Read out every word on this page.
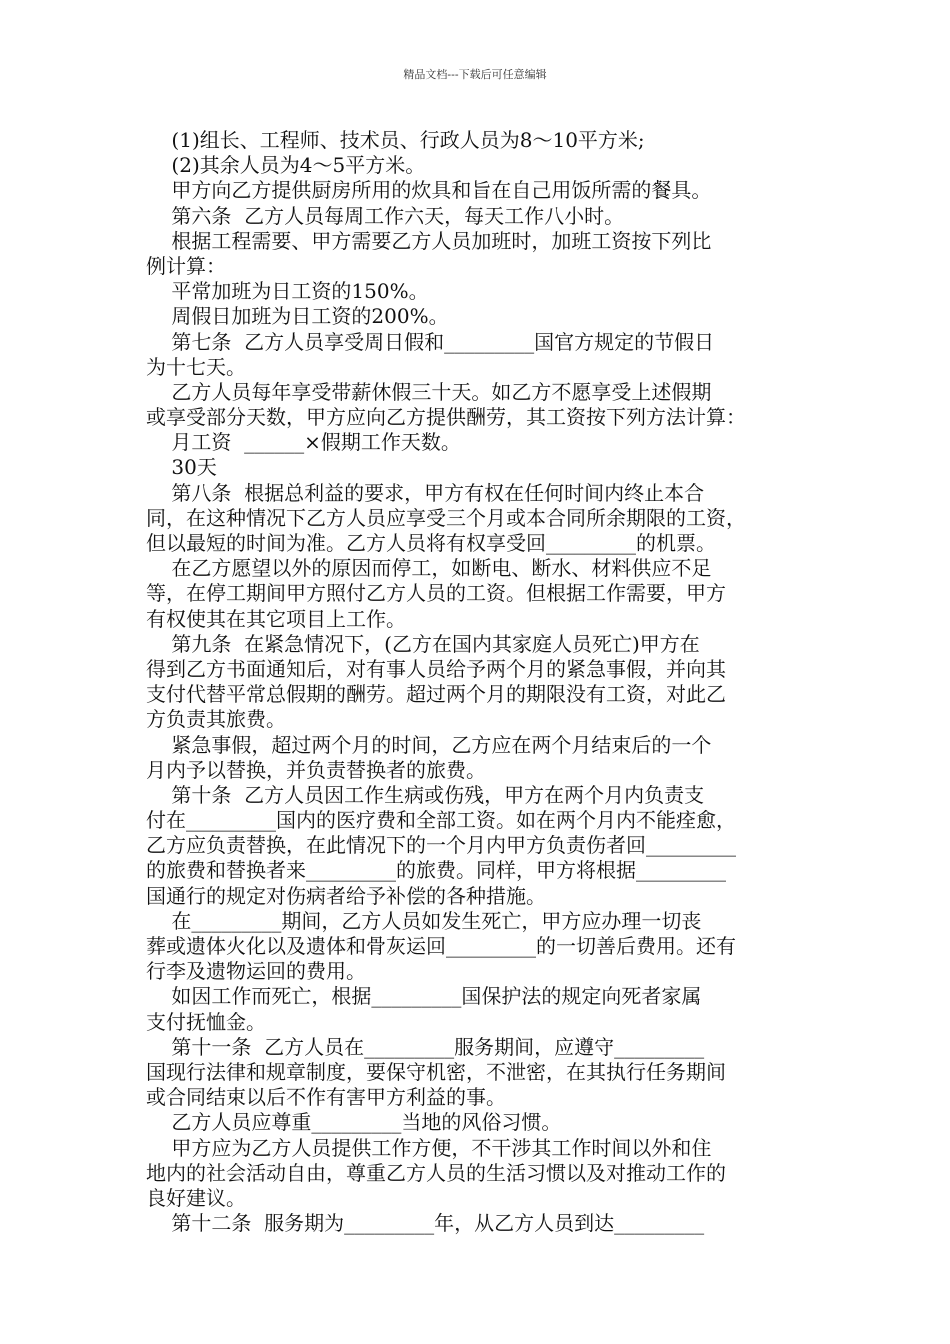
精品文档---下载后可任意编辑
(1)组长、工程师、技术员、行政人员为8～10平方米;
(2)其余人员为4～5平方米。
甲方向乙方提供厨房所用的炊具和旨在自己用饭所需的餐具。
第六条  乙方人员每周工作六天，每天工作八小时。
根据工程需要、甲方需要乙方人员加班时，加班工资按下列比
例计算：
平常加班为日工资的150%。
周假日加班为日工资的200%。
第七条  乙方人员享受周日假和_________国官方规定的节假日
为十七天。
乙方人员每年享受带薪休假三十天。如乙方不愿享受上述假期
或享受部分天数，甲方应向乙方提供酬劳，其工资按下列方法计算：
月工资  ______×假期工作天数。
30天
第八条  根据总利益的要求，甲方有权在任何时间内终止本合
同，在这种情况下乙方人员应享受三个月或本合同所余期限的工资，
但以最短的时间为准。乙方人员将有权享受回_________的机票。
在乙方愿望以外的原因而停工，如断电、断水、材料供应不足
等，在停工期间甲方照付乙方人员的工资。但根据工作需要，甲方
有权使其在其它项目上工作。
第九条  在紧急情况下，(乙方在国内其家庭人员死亡)甲方在
得到乙方书面通知后，对有事人员给予两个月的紧急事假，并向其
支付代替平常总假期的酬劳。超过两个月的期限没有工资，对此乙
方负责其旅费。
紧急事假，超过两个月的时间，乙方应在两个月结束后的一个
月内予以替换，并负责替换者的旅费。
第十条  乙方人员因工作生病或伤残，甲方在两个月内负责支
付在_________国内的医疗费和全部工资。如在两个月内不能痊愈，
乙方应负责替换，在此情况下的一个月内甲方负责伤者回_________
的旅费和替换者来_________的旅费。同样，甲方将根据_________
国通行的规定对伤病者给予补偿的各种措施。
在_________期间，乙方人员如发生死亡，甲方应办理一切丧
葬或遗体火化以及遗体和骨灰运回_________的一切善后费用。还有
行李及遗物运回的费用。
如因工作而死亡，根据_________国保护法的规定向死者家属
支付抚恤金。
第十一条  乙方人员在_________服务期间，应遵守_________
国现行法律和规章制度，要保守机密，不泄密，在其执行任务期间
或合同结束以后不作有害甲方利益的事。
乙方人员应尊重_________当地的风俗习惯。
甲方应为乙方人员提供工作方便，不干涉其工作时间以外和住
地内的社会活动自由，尊重乙方人员的生活习惯以及对推动工作的
良好建议。
第十二条  服务期为_________年，从乙方人员到达_________
